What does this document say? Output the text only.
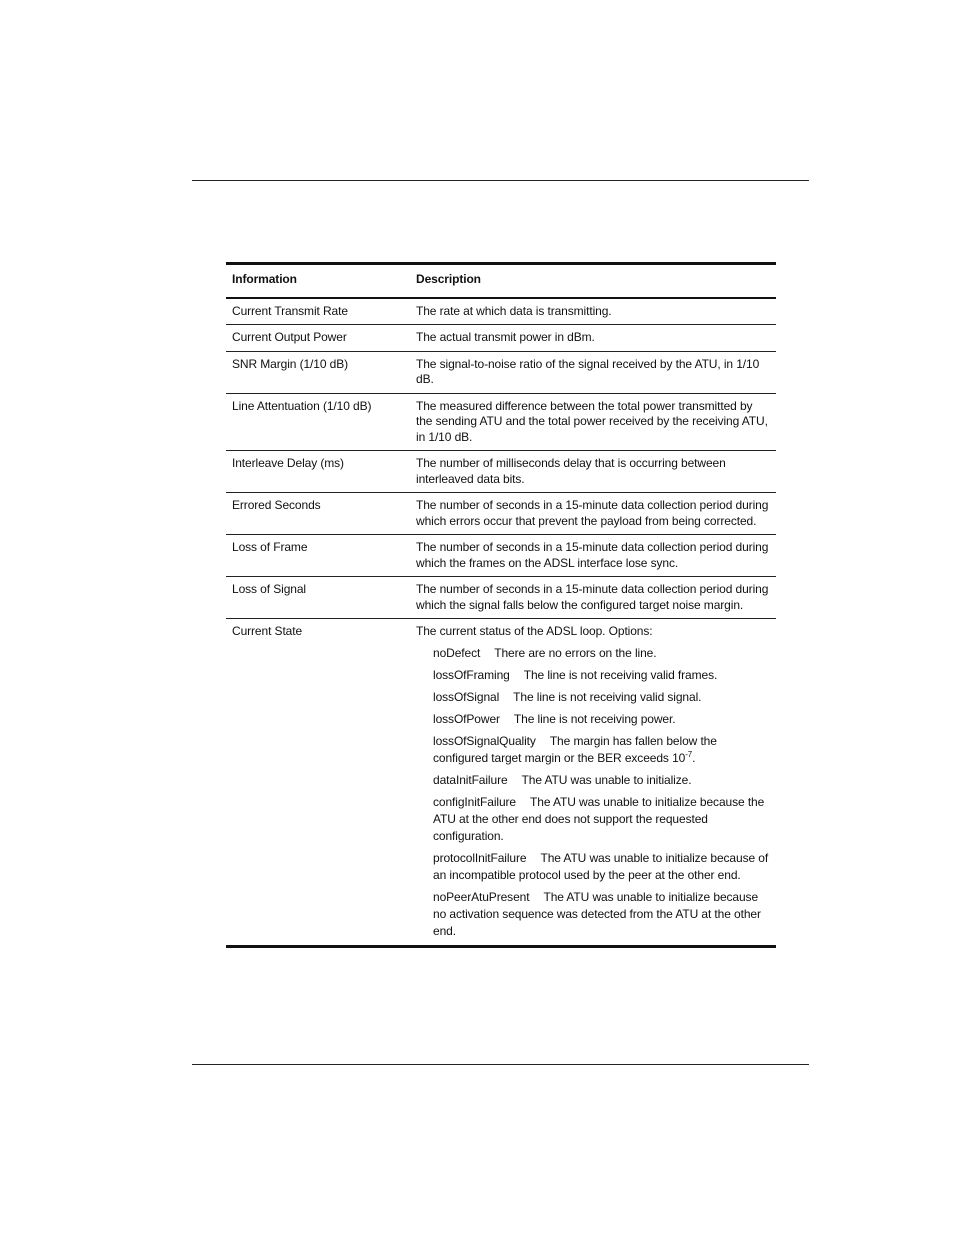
Information	Description
Current Transmit Rate	The rate at which data is transmitting.
Current Output Power	The actual transmit power in dBm.
SNR Margin (1/10 dB)	The signal-to-noise ratio of the signal received by the ATU, in 1/10 dB.
Line Attentuation (1/10 dB)	The measured difference between the total power transmitted by the sending ATU and the total power received by the receiving ATU, in 1/10 dB.
Interleave Delay (ms)	The number of milliseconds delay that is occurring between interleaved data bits.
Errored Seconds	The number of seconds in a 15-minute data collection period during which errors occur that prevent the payload from being corrected.
Loss of Frame	The number of seconds in a 15-minute data collection period during which the frames on the ADSL interface lose sync.
Loss of Signal	The number of seconds in a 15-minute data collection period during which the signal falls below the configured target noise margin.
Current State	The current status of the ADSL loop. Options:
noDefect There are no errors on the line.
lossOfFraming The line is not receiving valid frames.
lossOfSignal The line is not receiving valid signal.
lossOfPower The line is not receiving power.
lossOfSignalQuality The margin has fallen below the configured target margin or the BER exceeds $10^{-7}$.
dataInitFailure The ATU was unable to initialize.
configInitFailure The ATU was unable to initialize because the ATU at the other end does not support the requested configuration.
protocolInitFailure The ATU was unable to initialize because of an incompatible protocol used by the peer at the other end.
noPeerAtuPresent The ATU was unable to initialize because no activation sequence was detected from the ATU at the other end.
